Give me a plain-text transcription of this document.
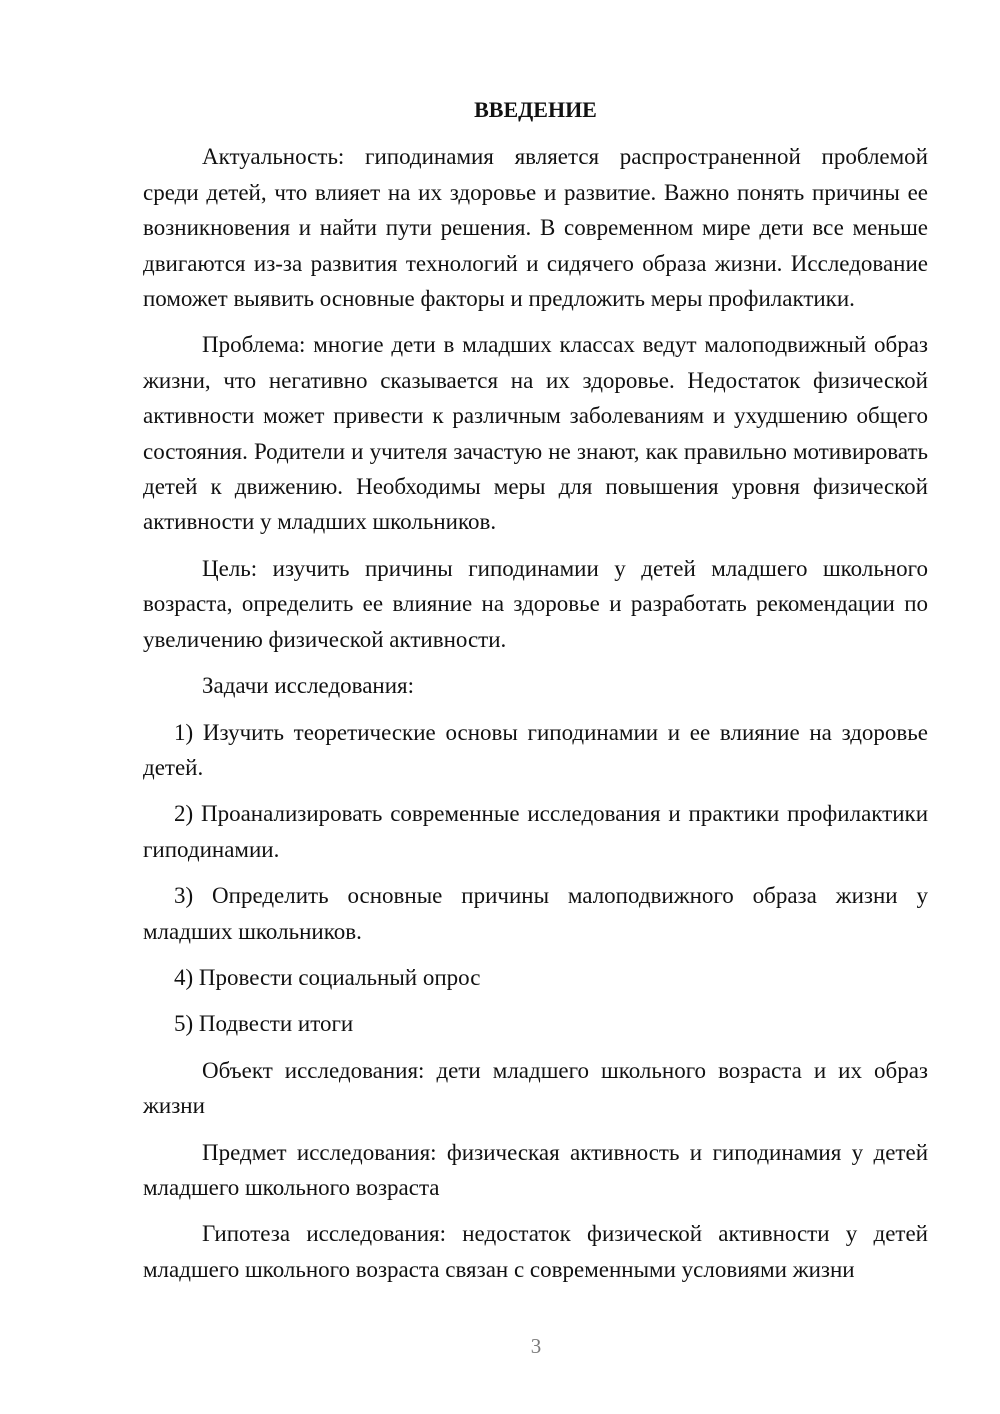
ВВЕДЕНИЕ

Актуальность: гиподинамия является распространенной проблемой среди детей, что влияет на их здоровье и развитие. Важно понять причины ее возникновения и найти пути решения. В современном мире дети все меньше двигаются из-за развития технологий и сидячего образа жизни. Исследование поможет выявить основные факторы и предложить меры профилактики.

Проблема: многие дети в младших классах ведут малоподвижный образ жизни, что негативно сказывается на их здоровье. Недостаток физической активности может привести к различным заболеваниям и ухудшению общего состояния. Родители и учителя зачастую не знают, как правильно мотивировать детей к движению. Необходимы меры для повышения уровня физической активности у младших школьников.

Цель: изучить причины гиподинамии у детей младшего школьного возраста, определить ее влияние на здоровье и разработать рекомендации по увеличению физической активности.

Задачи исследования:

1) Изучить теоретические основы гиподинамии и ее влияние на здоровье детей.

2) Проанализировать современные исследования и практики профилактики гиподинамии.

3) Определить основные причины малоподвижного образа жизни у младших школьников.

4) Провести социальный опрос

5) Подвести итоги

Объект исследования: дети младшего школьного возраста и их образ жизни

Предмет исследования: физическая активность и гиподинамия у детей младшего школьного возраста

Гипотеза исследования: недостаток физической активности у детей младшего школьного возраста связан с современными условиями жизни

3
